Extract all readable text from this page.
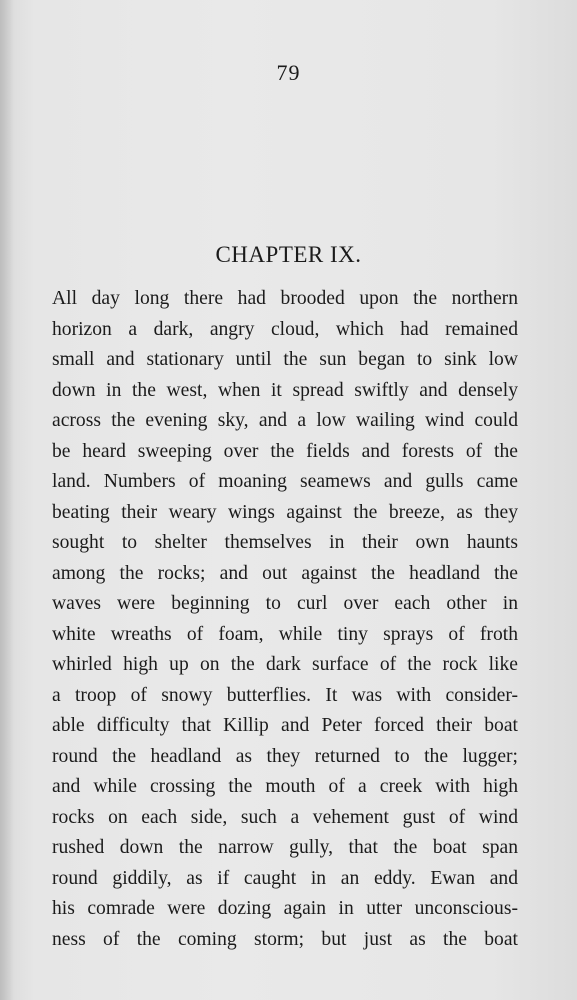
79
CHAPTER IX.
All day long there had brooded upon the northern
horizon a dark, angry cloud, which had remained
small and stationary until the sun began to sink low
down in the west, when it spread swiftly and densely
across the evening sky, and a low wailing wind could
be heard sweeping over the fields and forests of the
land. Numbers of moaning seamews and gulls came
beating their weary wings against the breeze, as they
sought to shelter themselves in their own haunts
among the rocks; and out against the headland the
waves were beginning to curl over each other in
white wreaths of foam, while tiny sprays of froth
whirled high up on the dark surface of the rock like
a troop of snowy butterflies. It was with consider-
able difficulty that Killip and Peter forced their boat
round the headland as they returned to the lugger;
and while crossing the mouth of a creek with high
rocks on each side, such a vehement gust of wind
rushed down the narrow gully, that the boat span
round giddily, as if caught in an eddy. Ewan and
his comrade were dozing again in utter unconscious-
ness of the coming storm; but just as the boat
